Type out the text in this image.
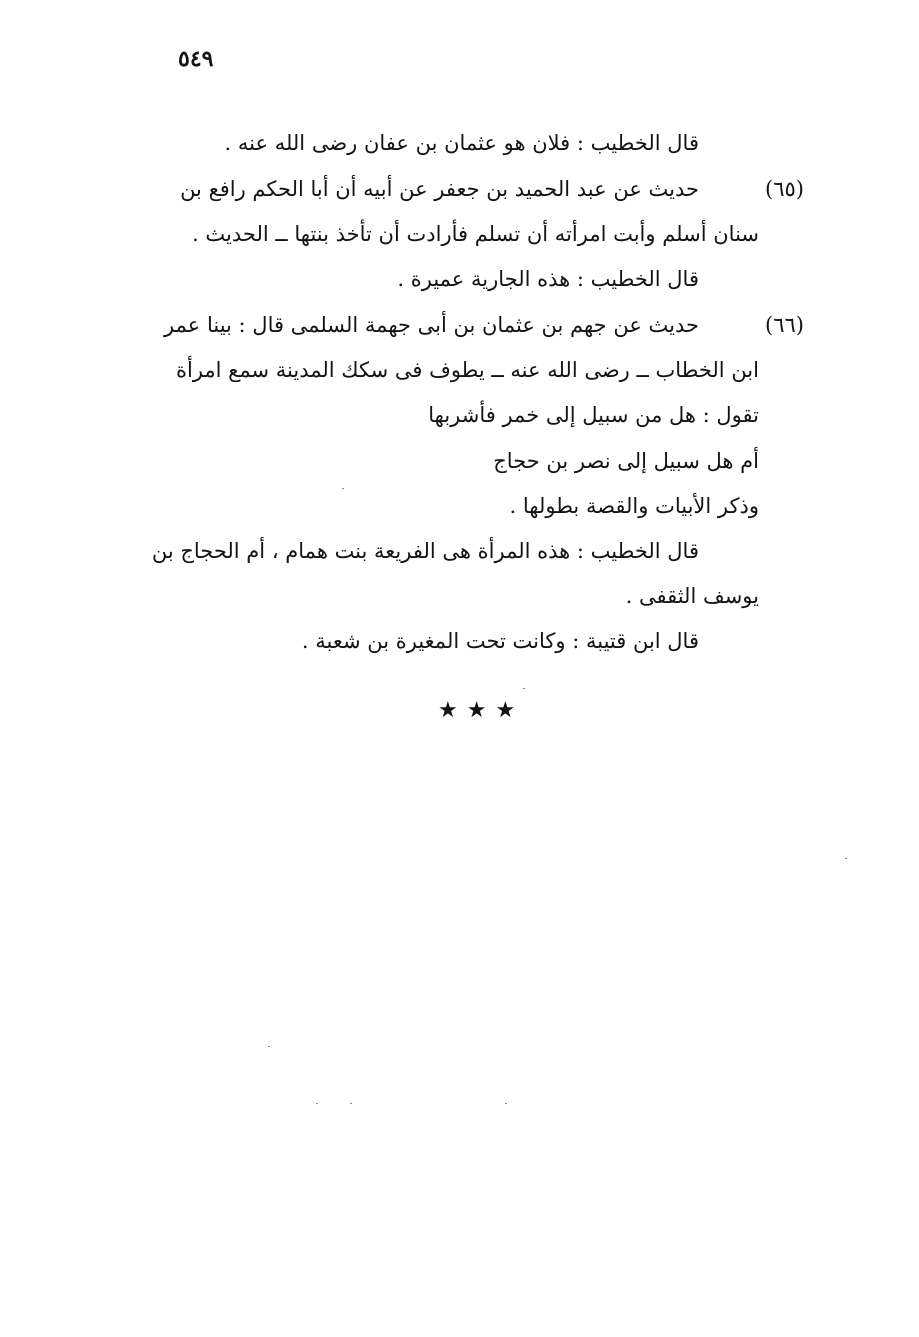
٥٤٩
قال الخطيب : فلان هو عثمان بن عفان رضى الله عنه .
(٦٥)
حديث عن عبد الحميد بن جعفر عن أبيه أن أبا الحكم رافع بن
سنان أسلم وأبت امرأته أن تسلم فأرادت أن تأخذ بنتها ــ الحديث .
قال الخطيب : هذه الجارية عميرة .
(٦٦)
حديث عن جهم بن عثمان بن أبى جهمة السلمى قال : بينا عمر
ابن الخطاب ــ رضى الله عنه ــ يطوف فى سكك المدينة سمع امرأة
تقول : هل من سبيل إلى خمر فأشربها
أم هل سبيل إلى نصر بن حجاج
وذكر الأبيات والقصة بطولها .
قال الخطيب : هذه المرأة هى الفريعة بنت همام ، أم الحجاج بن
يوسف الثقفى .
قال ابن قتيبة : وكانت تحت المغيرة بن شعبة .
★★★
